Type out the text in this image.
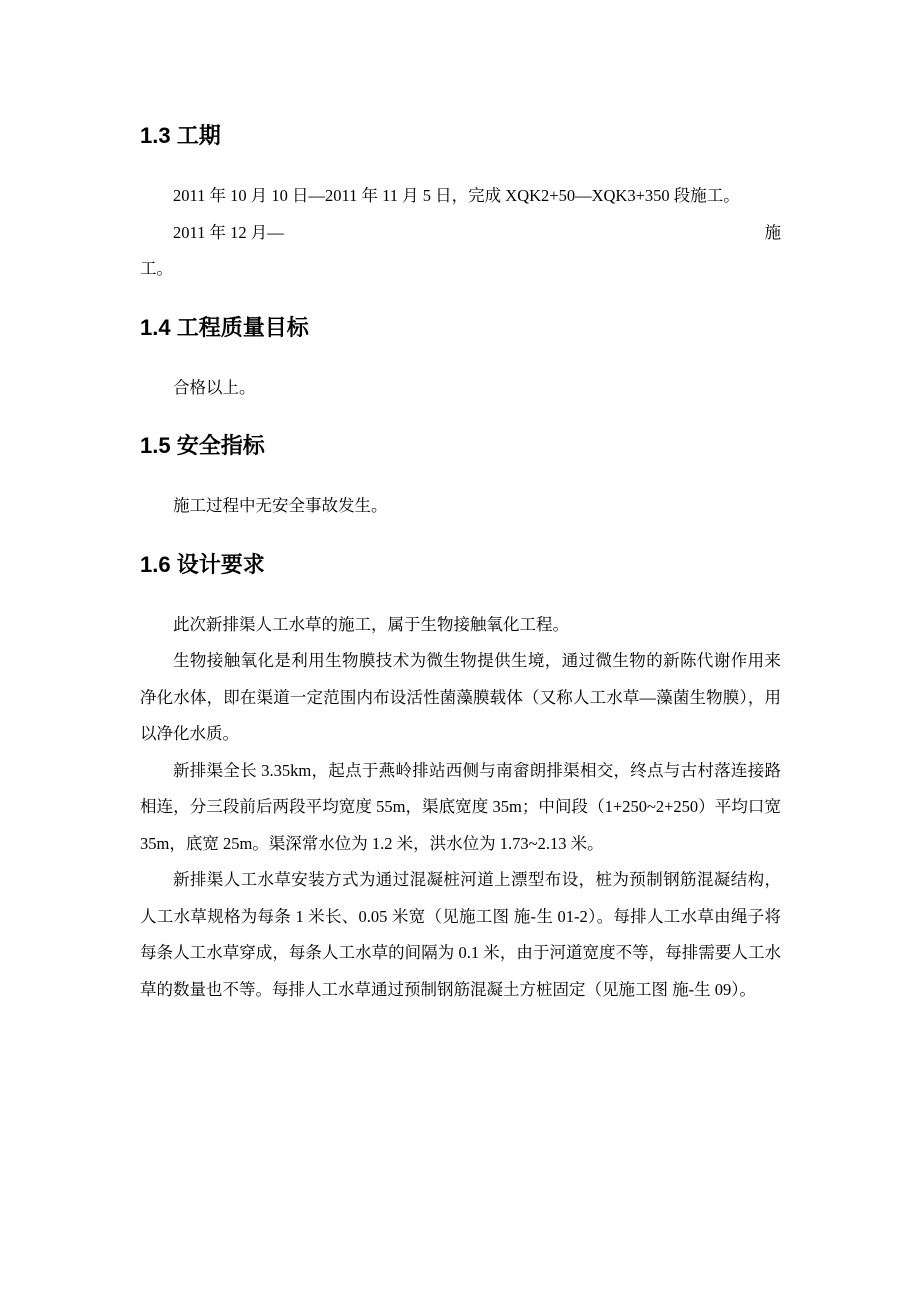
1.3 工期

2011 年 10 月 10 日—2011 年 11 月 5 日，完成 XQK2+50—XQK3+350 段施工。

2011 年 12 月—	施
工。
1.4 工程质量目标

合格以上。

1.5 安全指标

施工过程中无安全事故发生。

1.6 设计要求

此次新排渠人工水草的施工，属于生物接触氧化工程。

生物接触氧化是利用生物膜技术为微生物提供生境，通过微生物的新陈代谢作用来净化水体，即在渠道一定范围内布设活性菌藻膜载体（又称人工水草—藻菌生物膜），用以净化水质。

新排渠全长 3.35km，起点于燕岭排站西侧与南畲朗排渠相交，终点与古村落连接路相连，分三段前后两段平均宽度 55m，渠底宽度 35m；中间段（1+250~2+250）平均口宽 35m，底宽 25m。渠深常水位为 1.2 米，洪水位为 1.73~2.13 米。

新排渠人工水草安装方式为通过混凝桩河道上漂型布设，桩为预制钢筋混凝结构，人工水草规格为每条 1 米长、0.05 米宽（见施工图 施-生 01-2）。每排人工水草由绳子将每条人工水草穿成，每条人工水草的间隔为 0.1 米，由于河道宽度不等，每排需要人工水草的数量也不等。每排人工水草通过预制钢筋混凝土方桩固定（见施工图 施-生 09）。
